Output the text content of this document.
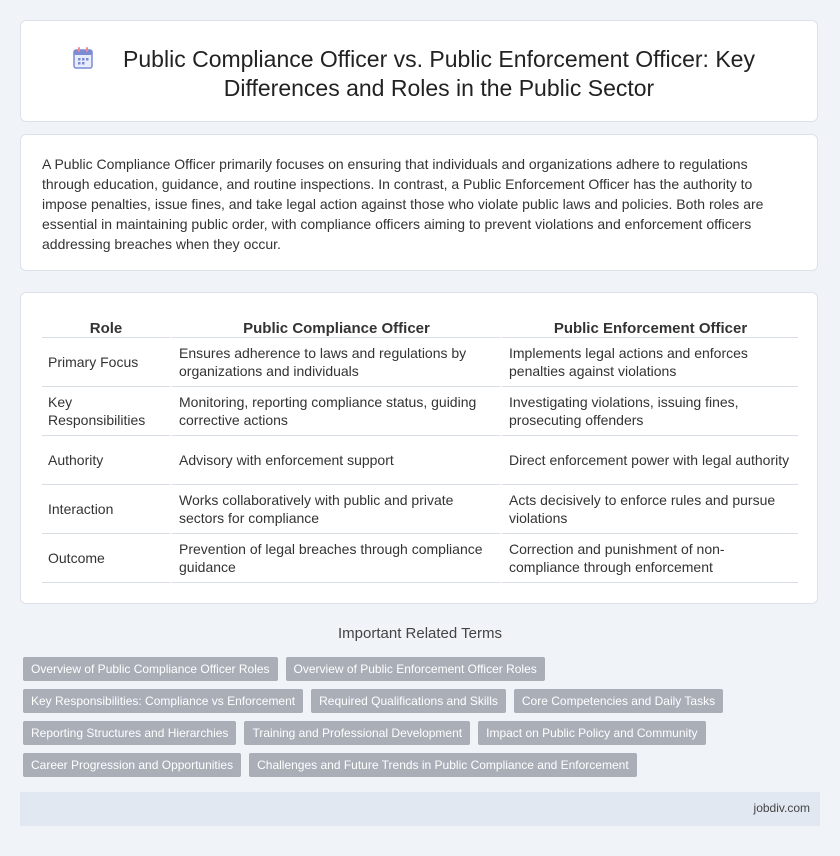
Public Compliance Officer vs. Public Enforcement Officer: Key Differences and Roles in the Public Sector

A Public Compliance Officer primarily focuses on ensuring that individuals and organizations adhere to regulations through education, guidance, and routine inspections. In contrast, a Public Enforcement Officer has the authority to impose penalties, issue fines, and take legal action against those who violate public laws and policies. Both roles are essential in maintaining public order, with compliance officers aiming to prevent violations and enforcement officers addressing breaches when they occur.

Role	Public Compliance Officer	Public Enforcement Officer
Primary Focus	Ensures adherence to laws and regulations by organizations and individuals	Implements legal actions and enforces penalties against violations
Key Responsibilities	Monitoring, reporting compliance status, guiding corrective actions	Investigating violations, issuing fines, prosecuting offenders
Authority	Advisory with enforcement support	Direct enforcement power with legal authority
Interaction	Works collaboratively with public and private sectors for compliance	Acts decisively to enforce rules and pursue violations
Outcome	Prevention of legal breaches through compliance guidance	Correction and punishment of non-compliance through enforcement
Important Related Terms
Overview of Public Compliance Officer Roles	Overview of Public Enforcement Officer Roles
Key Responsibilities: Compliance vs Enforcement	Required Qualifications and Skills	Core Competencies and Daily Tasks
Reporting Structures and Hierarchies	Training and Professional Development	Impact on Public Policy and Community
Career Progression and Opportunities	Challenges and Future Trends in Public Compliance and Enforcement
jobdiv.com
